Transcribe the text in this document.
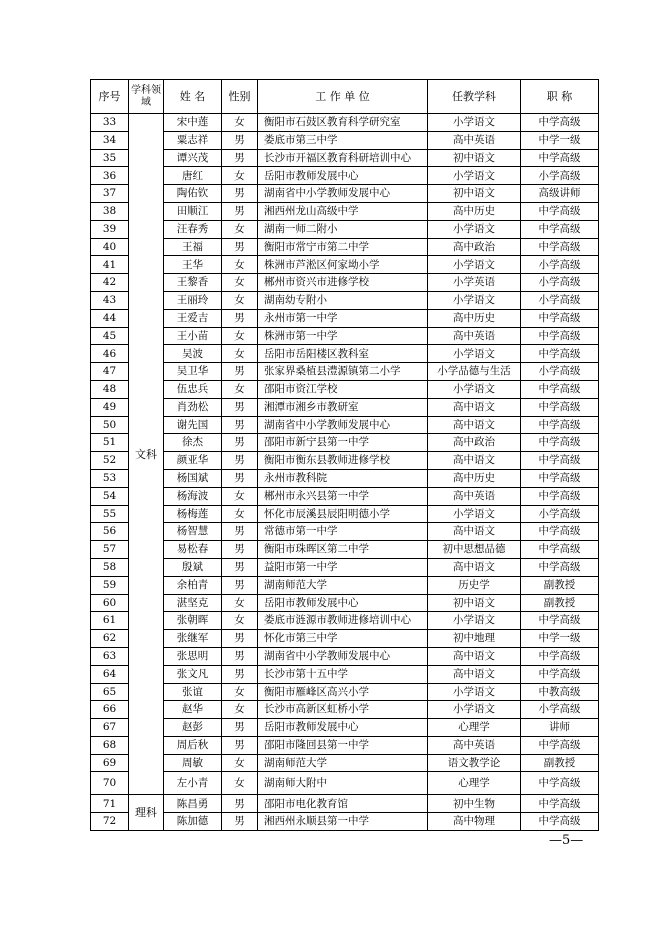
序号	学科领域	姓 名	性别	工 作 单 位	任教学科	职 称
33	文科	宋中莲	女	衡阳市石鼓区教育科学研究室	小学语文	中学高级
34		粟志祥	男	娄底市第三中学	高中英语	中学一级
35		谭兴茂	男	长沙市开福区教育科研培训中心	初中语文	中学高级
36		唐红	女	岳阳市教师发展中心	小学语文	小学高级
37		陶佑钦	男	湖南省中小学教师发展中心	初中语文	高级讲师
38		田顺江	男	湘西州龙山高级中学	高中历史	中学高级
39		汪春秀	女	湖南一师二附小	小学语文	中学高级
40		王福	男	衡阳市常宁市第二中学	高中政治	中学高级
41		王华	女	株洲市芦淞区何家坳小学	小学语文	小学高级
42		王黎香	女	郴州市资兴市进修学校	小学英语	小学高级
43		王丽玲	女	湖南幼专附小	小学语文	小学高级
44		王爱吉	男	永州市第一中学	高中历史	中学高级
45		王小苗	女	株洲市第一中学	高中英语	中学高级
46		吴波	女	岳阳市岳阳楼区教科室	小学语文	中学高级
47		吴卫华	男	张家界桑植县澧源镇第二小学	小学品德与生活	小学高级
48		伍忠兵	女	邵阳市资江学校	小学语文	中学高级
49		肖劲松	男	湘潭市湘乡市教研室	高中语文	中学高级
50		谢先国	男	湖南省中小学教师发展中心	高中语文	中学高级
51		徐杰	男	邵阳市新宁县第一中学	高中政治	中学高级
52		颜亚华	男	衡阳市衡东县教师进修学校	高中语文	中学高级
53		杨国斌	男	永州市教科院	高中历史	中学高级
54		杨海波	女	郴州市永兴县第一中学	高中英语	中学高级
55		杨梅莲	女	怀化市辰溪县辰阳明德小学	小学语文	小学高级
56		杨智慧	男	常德市第一中学	高中语文	中学高级
57		易松春	男	衡阳市珠晖区第二中学	初中思想品德	中学高级
58		殷斌	男	益阳市第一中学	高中语文	中学高级
59		余柏青	男	湖南师范大学	历史学	副教授
60		湛坚克	女	岳阳市教师发展中心	初中语文	副教授
61		张朝晖	女	娄底市涟源市教师进修培训中心	小学语文	中学高级
62		张继军	男	怀化市第三中学	初中地理	中学一级
63		张思明	男	湖南省中小学教师发展中心	高中语文	中学高级
64		张文凡	男	长沙市第十五中学	高中语文	中学高级
65		张谊	女	衡阳市雁峰区高兴小学	小学语文	中教高级
66		赵华	女	长沙市高新区虹桥小学	小学语文	小学高级
67		赵彭	男	岳阳市教师发展中心	心理学	讲师
68		周后秋	男	邵阳市隆回县第一中学	高中英语	中学高级
69		周敏	女	湖南师范大学	语文教学论	副教授
70		左小青	女	湖南师大附中	心理学	中学高级
71	理科	陈昌勇	男	邵阳市电化教育馆	初中生物	中学高级
72		陈加德	男	湘西州永顺县第一中学	高中物理	中学高级
—5—
